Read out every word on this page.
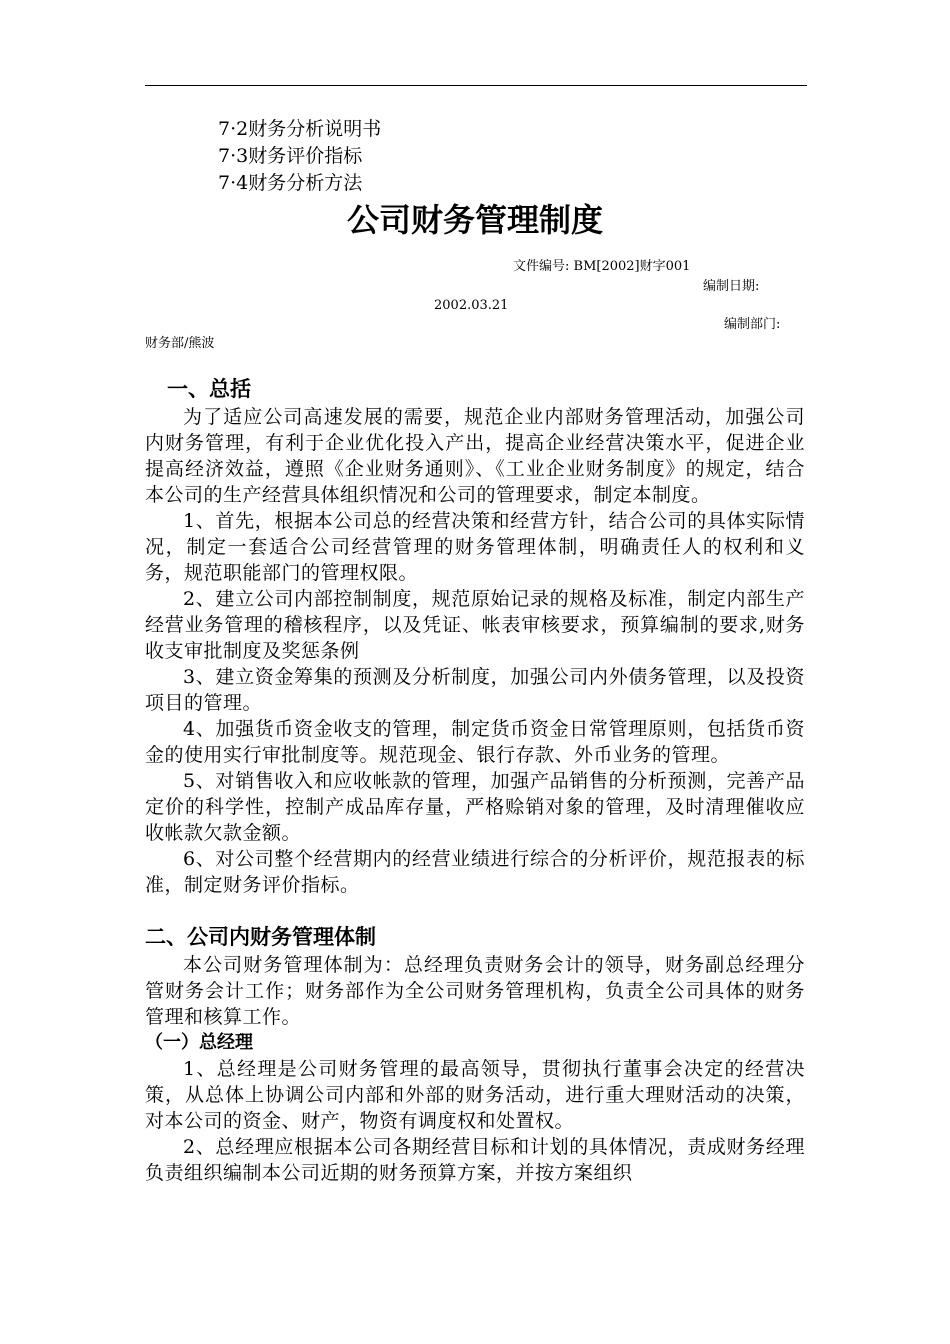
7·2财务分析说明书
7·3财务评价指标
7·4财务分析方法
公司财务管理制度
文件编号: BM[2002]财字001
编制日期:
2002.03.21
编制部门:
财务部/熊波
一、总括

为了适应公司高速发展的需要，规范企业内部财务管理活动，加强公司内财务管理，有利于企业优化投入产出，提高企业经营决策水平，促进企业提高经济效益，遵照《企业财务通则》、《工业企业财务制度》的规定，结合本公司的生产经营具体组织情况和公司的管理要求，制定本制度。

1、首先，根据本公司总的经营决策和经营方针，结合公司的具体实际情况，制定一套适合公司经营管理的财务管理体制，明确责任人的权利和义务，规范职能部门的管理权限。

2、建立公司内部控制制度，规范原始记录的规格及标准，制定内部生产经营业务管理的稽核程序，以及凭证、帐表审核要求，预算编制的要求,财务收支审批制度及奖惩条例

3、建立资金筹集的预测及分析制度，加强公司内外债务管理，以及投资项目的管理。

4、加强货币资金收支的管理，制定货币资金日常管理原则，包括货币资金的使用实行审批制度等。规范现金、银行存款、外币业务的管理。

5、对销售收入和应收帐款的管理，加强产品销售的分析预测，完善产品定价的科学性，控制产成品库存量，严格赊销对象的管理，及时清理催收应收帐款欠款金额。

6、对公司整个经营期内的经营业绩进行综合的分析评价，规范报表的标准，制定财务评价指标。

二、公司内财务管理体制

本公司财务管理体制为：总经理负责财务会计的领导，财务副总经理分管财务会计工作；财务部作为全公司财务管理机构，负责全公司具体的财务管理和核算工作。

（一）总经理

1、总经理是公司财务管理的最高领导，贯彻执行董事会决定的经营决策，从总体上协调公司内部和外部的财务活动，进行重大理财活动的决策，对本公司的资金、财产，物资有调度权和处置权。

2、总经理应根据本公司各期经营目标和计划的具体情况，责成财务经理负责组织编制本公司近期的财务预算方案，并按方案组织
